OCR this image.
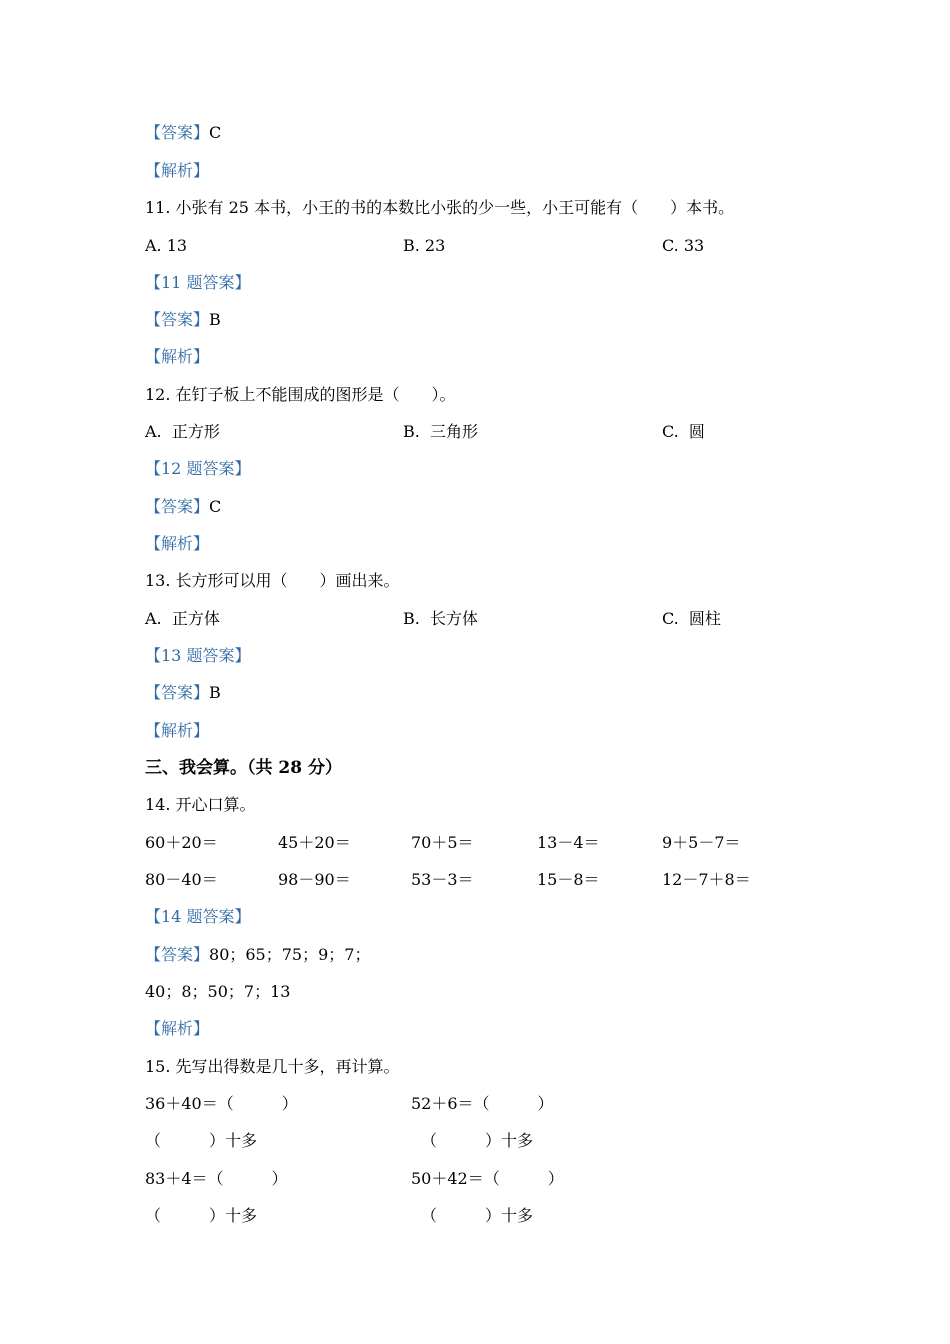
【答案】C
【解析】
11. 小张有 25 本书，小王的书的本数比小张的少一些，小王可能有（　　）本书。

A. 13

	B. 23

	C. 33

【11 题答案】
【答案】B
【解析】
12. 在钉子板上不能围成的图形是（　　）。

A.  正方形

	B.  三角形

	C.  圆

【12 题答案】
【答案】C
【解析】
13. 长方形可以用（　　）画出来。

A.  正方体

	B.  长方体

	C.  圆柱

【13 题答案】
【答案】B
【解析】
三、我会算。（共 28 分）
14. 开心口算。

60＋20＝

	45＋20＝

	70＋5＝

	13－4＝

	9＋5－7＝

80－40＝

	98－90＝

	53－3＝

	15－8＝

	12－7＋8＝

【14 题答案】
【答案】80；65；75；9；7；
40；8；50；7；13
【解析】
15. 先写出得数是几十多，再计算。

36＋40＝（　　　）

	52＋6＝（　　　）

（　　　）十多

	（　　　）十多

83＋4＝（　　　）

	50＋42＝（　　　）

（　　　）十多

	（　　　）十多
